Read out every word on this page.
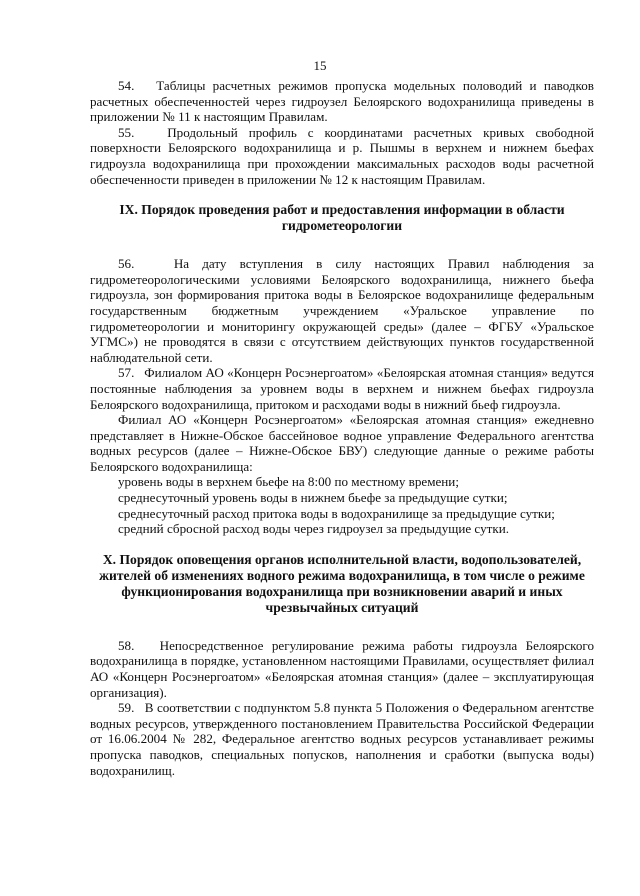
15

54.   Таблицы расчетных режимов пропуска модельных половодий и паводков расчетных обеспеченностей через гидроузел Белоярского водохранилища приведены в приложении № 11 к настоящим Правилам.

55.   Продольный профиль с координатами расчетных кривых свободной поверхности Белоярского водохранилища и р. Пышмы в верхнем и нижнем бьефах гидроузла водохранилища при прохождении максимальных расходов воды расчетной обеспеченности приведен в приложении № 12 к настоящим Правилам.

IX. Порядок проведения работ и предоставления информации в области гидрометеорологии

56.   На дату вступления в силу настоящих Правил наблюдения за гидрометеорологическими условиями Белоярского водохранилища, нижнего бьефа гидроузла, зон формирования притока воды в Белоярское водохранилище федеральным государственным бюджетным учреждением «Уральское управление по гидрометеорологии и мониторингу окружающей среды» (далее – ФГБУ «Уральское УГМС») не проводятся в связи с отсутствием действующих пунктов государственной наблюдательной сети.

57.   Филиалом АО «Концерн Росэнергоатом» «Белоярская атомная станция» ведутся постоянные наблюдения за уровнем воды в верхнем и нижнем бьефах гидроузла Белоярского водохранилища, притоком и расходами воды в нижний бьеф гидроузла.

Филиал АО «Концерн Росэнергоатом» «Белоярская атомная станция» ежедневно представляет в Нижне-Обское бассейновое водное управление Федерального агентства водных ресурсов (далее – Нижне-Обское БВУ) следующие данные о режиме работы Белоярского водохранилища:

уровень воды в верхнем бьефе на 8:00 по местному времени;
среднесуточный уровень воды в нижнем бьефе за предыдущие сутки;
среднесуточный расход притока воды в водохранилище за предыдущие сутки;
средний сбросной расход воды через гидроузел за предыдущие сутки.

X. Порядок оповещения органов исполнительной власти, водопользователей, жителей об изменениях водного режима водохранилища, в том числе о режиме функционирования водохранилища при возникновении аварий и иных чрезвычайных ситуаций

58.   Непосредственное регулирование режима работы гидроузла Белоярского водохранилища в порядке, установленном настоящими Правилами, осуществляет филиал АО «Концерн Росэнергоатом» «Белоярская атомная станция» (далее – эксплуатирующая организация).

59.   В соответствии с подпунктом 5.8 пункта 5 Положения о Федеральном агентстве водных ресурсов, утвержденного постановлением Правительства Российской Федерации от 16.06.2004 № 282, Федеральное агентство водных ресурсов устанавливает режимы пропуска паводков, специальных попусков, наполнения и сработки (выпуска воды) водохранилищ.
